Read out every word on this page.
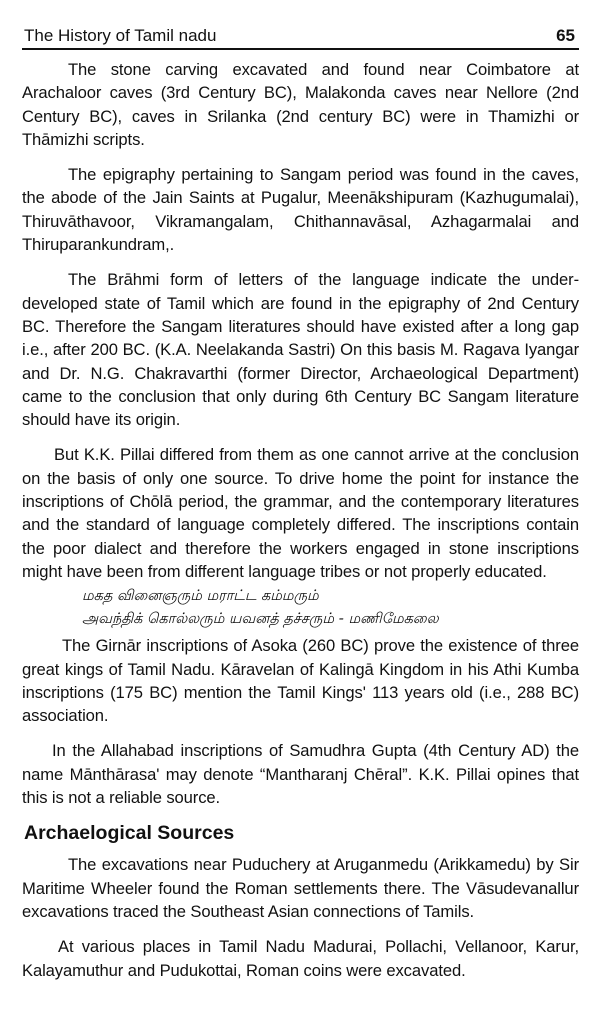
The History of Tamil nadu	65

The stone carving excavated and found near Coimbatore at Arachaloor caves (3rd Century BC), Malakonda caves near Nellore (2nd Century BC), caves in Srilanka (2nd century BC) were in Thamizhi or Thāmizhi scripts.

The epigraphy pertaining to Sangam period was found in the caves, the abode of the Jain Saints at Pugalur, Meenākshipuram (Kazhugumalai), Thiruvāthavoor, Vikramangalam, Chithannavāsal, Azhagarmalai and Thiruparankundram,.

The Brāhmi form of letters of the language indicate the under-developed state of Tamil which are found in the epigraphy of 2nd Century BC. Therefore the Sangam literatures should have existed after a long gap i.e., after 200 BC. (K.A. Neelakanda Sastri) On this basis M. Ragava Iyangar and Dr. N.G. Chakravarthi (former Director, Archaeological Department) came to the conclusion that only during 6th Century BC Sangam literature should have its origin.

But K.K. Pillai differed from them as one cannot arrive at the conclusion on the basis of only one source. To drive home the point for instance the inscriptions of Chōlā period, the grammar, and the contemporary literatures and the standard of language completely differed. The inscriptions contain the poor dialect and therefore the workers engaged in stone inscriptions might have been from different language tribes or not properly educated.

மகத வினைஞரும் மராட்ட கம்மரும்
அவந்திக் கொல்லரும் யவனத் தச்சரும் - மணிமேகலை

The Girnār inscriptions of Asoka (260 BC) prove the existence of three great kings of Tamil Nadu. Kāravelan of Kalingā Kingdom in his Athi Kumba inscriptions (175 BC) mention the Tamil Kings' 113 years old (i.e., 288 BC) association.

In the Allahabad inscriptions of Samudhra Gupta (4th Century AD) the name Mānthārasa' may denote “Mantharanj Chēral”. K.K. Pillai opines that this is not a reliable source.

Archaelogical Sources

The excavations near Puduchery at Aruganmedu (Arikkamedu) by Sir Maritime Wheeler found the Roman settlements there. The Vāsudevanallur excavations traced the Southeast Asian connections of Tamils.

At various places in Tamil Nadu Madurai, Pollachi, Vellanoor, Karur, Kalayamuthur and Pudukottai, Roman coins were excavated.
